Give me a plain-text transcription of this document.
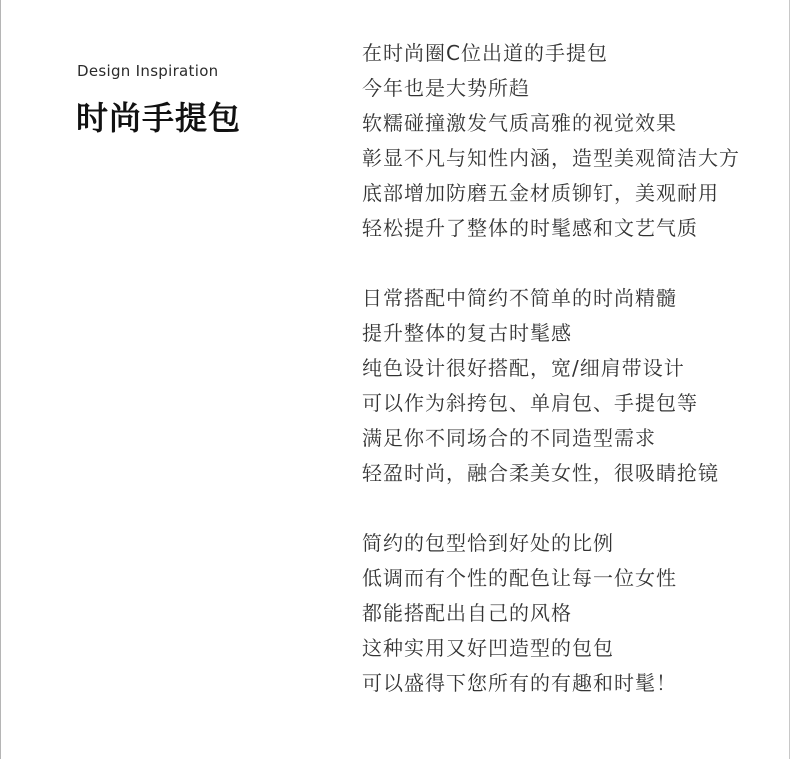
Design Inspiration
时尚手提包
在时尚圈C位出道的手提包
今年也是大势所趋
软糯碰撞激发气质高雅的视觉效果
彰显不凡与知性内涵，造型美观简洁大方
底部增加防磨五金材质铆钉，美观耐用
轻松提升了整体的时髦感和文艺气质
日常搭配中简约不简单的时尚精髓
提升整体的复古时髦感
纯色设计很好搭配，宽/细肩带设计
可以作为斜挎包、单肩包、手提包等
满足你不同场合的不同造型需求
轻盈时尚，融合柔美女性，很吸睛抢镜
简约的包型恰到好处的比例
低调而有个性的配色让每一位女性
都能搭配出自己的风格
这种实用又好凹造型的包包
可以盛得下您所有的有趣和时髦！
